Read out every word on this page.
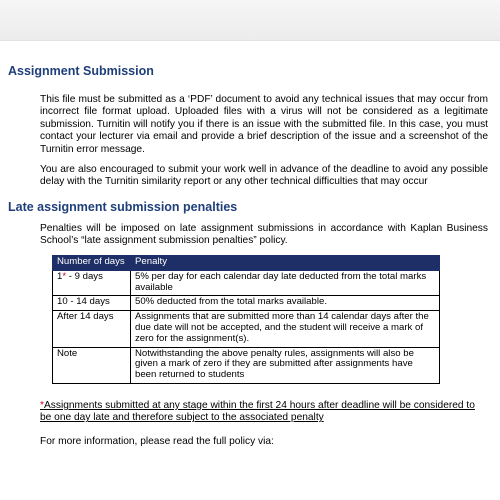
Assignment Submission

This file must be submitted as a ‘PDF’ document to avoid any technical issues that may occur from incorrect file format upload. Uploaded files with a virus will not be considered as a legitimate submission. Turnitin will notify you if there is an issue with the submitted file. In this case, you must contact your lecturer via email and provide a brief description of the issue and a screenshot of the Turnitin error message.

You are also encouraged to submit your work well in advance of the deadline to avoid any possible delay with the Turnitin similarity report or any other technical difficulties that may occur

Late assignment submission penalties

Penalties will be imposed on late assignment submissions in accordance with Kaplan Business School’s “late assignment submission penalties” policy.

Number of days	Penalty
1* - 9 days	5% per day for each calendar day late deducted from the total marks available
10 - 14 days	50% deducted from the total marks available.
After 14 days	Assignments that are submitted more than 14 calendar days after the due date will not be accepted, and the student will receive a mark of zero for the assignment(s).
Note	Notwithstanding the above penalty rules, assignments will also be given a mark of zero if they are submitted after assignments have been returned to students

*Assignments submitted at any stage within the first 24 hours after deadline will be considered to be one day late and therefore subject to the associated penalty

For more information, please read the full policy via:
